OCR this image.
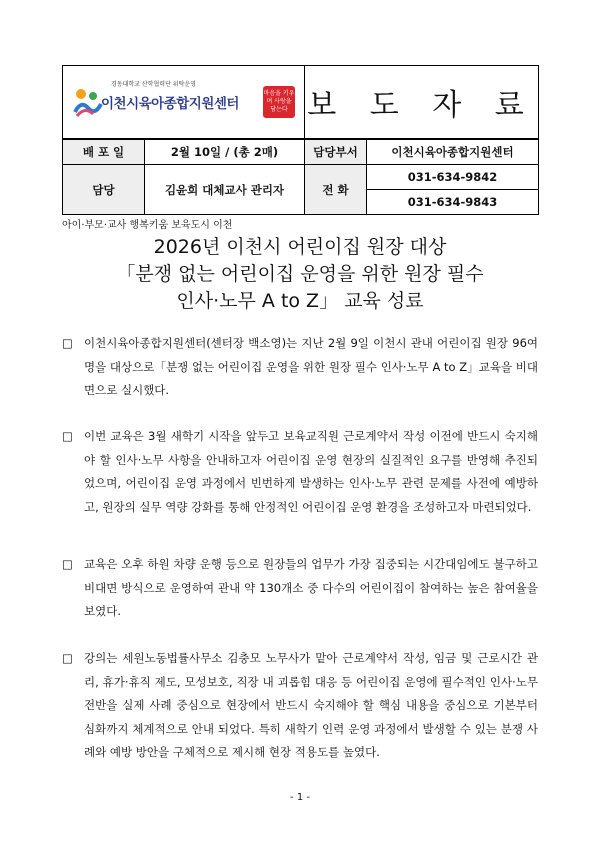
경동대학교 산학협력단 위탁운영
이천시육아종합지원센터
마음을 키우며 사랑을 담는다		보 도 자 료	
배 포 일	2월 10일 / (총 2매)	담당부서	이천시육아종합지원센터
담당	김윤희 대체교사 관리자	전 화	031-634-9842
			031-634-9843
아이·부모·교사 행복키움 보육도시 이천
2026년 이천시 어린이집 원장 대상
「분쟁 없는 어린이집 운영을 위한 원장 필수
인사·노무 A to Z」 교육 성료
□ 이천시육아종합지원센터(센터장 백소영)는 지난 2월 9일 이천시 관내 어린이집 원장 96여 명을 대상으로「분쟁 없는 어린이집 운영을 위한 원장 필수 인사·노무 A to Z」교육을 비대면으로 실시했다.
□ 이번 교육은 3월 새학기 시작을 앞두고 보육교직원 근로계약서 작성 이전에 반드시 숙지해야 할 인사·노무 사항을 안내하고자 어린이집 운영 현장의 실질적인 요구를 반영해 추진되었으며, 어린이집 운영 과정에서 빈번하게 발생하는 인사·노무 관련 문제를 사전에 예방하고, 원장의 실무 역량 강화를 통해 안정적인 어린이집 운영 환경을 조성하고자 마련되었다.
□ 교육은 오후 하원 차량 운행 등으로 원장들의 업무가 가장 집중되는 시간대임에도 불구하고 비대면 방식으로 운영하여 관내 약 130개소 중 다수의 어린이집이 참여하는 높은 참여율을 보였다.
□ 강의는 세원노동법률사무소 김충모 노무사가 맡아 근로계약서 작성, 임금 및 근로시간 관리, 휴가·휴직 제도, 모성보호, 직장 내 괴롭힘 대응 등 어린이집 운영에 필수적인 인사·노무 전반을 실제 사례 중심으로 현장에서 반드시 숙지해야 할 핵심 내용을 중심으로 기본부터 심화까지 체계적으로 안내 되었다. 특히 새학기 인력 운영 과정에서 발생할 수 있는 분쟁 사례와 예방 방안을 구체적으로 제시해 현장 적용도를 높였다.
- 1 -
